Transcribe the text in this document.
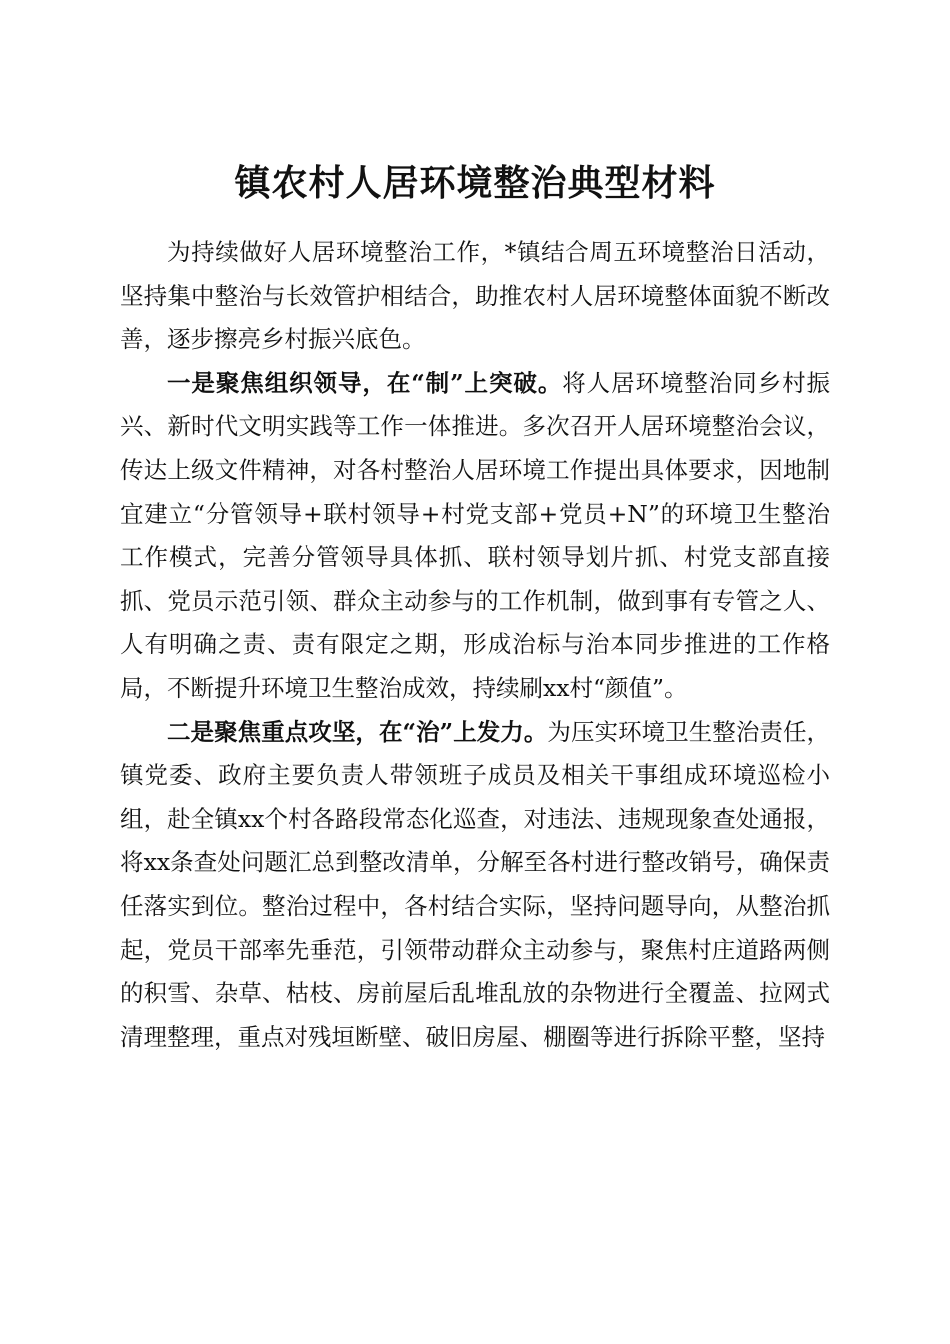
镇农村人居环境整治典型材料

为持续做好人居环境整治工作，*镇结合周五环境整治日活动，坚持集中整治与长效管护相结合，助推农村人居环境整体面貌不断改善，逐步擦亮乡村振兴底色。

一是聚焦组织领导，在“制”上突破。将人居环境整治同乡村振兴、新时代文明实践等工作一体推进。多次召开人居环境整治会议，传达上级文件精神，对各村整治人居环境工作提出具体要求，因地制宜建立“分管领导+联村领导+村党支部+党员+N”的环境卫生整治工作模式，完善分管领导具体抓、联村领导划片抓、村党支部直接抓、党员示范引领、群众主动参与的工作机制，做到事有专管之人、人有明确之责、责有限定之期，形成治标与治本同步推进的工作格局，不断提升环境卫生整治成效，持续刷xx村“颜值”。

二是聚焦重点攻坚，在“治”上发力。为压实环境卫生整治责任，镇党委、政府主要负责人带领班子成员及相关干事组成环境巡检小组，赴全镇xx个村各路段常态化巡查，对违法、违规现象查处通报，将xx条查处问题汇总到整改清单，分解至各村进行整改销号，确保责任落实到位。整治过程中，各村结合实际，坚持问题导向，从整治抓起，党员干部率先垂范，引领带动群众主动参与，聚焦村庄道路两侧的积雪、杂草、枯枝、房前屋后乱堆乱放的杂物进行全覆盖、拉网式清理整理，重点对残垣断壁、破旧房屋、棚圈等进行拆除平整，坚持
